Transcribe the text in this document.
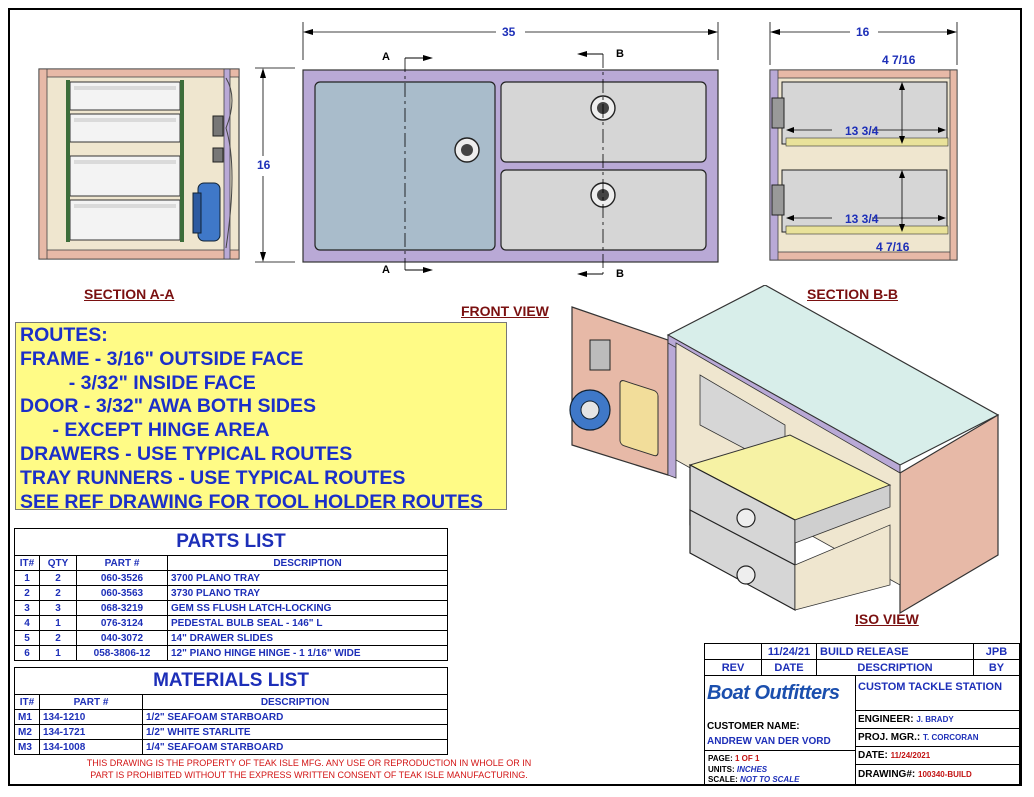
SECTION A-A
35
16
A
A
B
B
FRONT VIEW
16
4 7/16
13 3/4
13 3/4
4 7/16
SECTION B-B
ISO VIEW
ROUTES:
FRAME - 3/16" OUTSIDE FACE
- 3/32" INSIDE FACE
DOOR - 3/32" AWA BOTH SIDES
- EXCEPT HINGE AREA
DRAWERS - USE TYPICAL ROUTES
TRAY RUNNERS - USE TYPICAL ROUTES
SEE REF DRAWING FOR TOOL HOLDER ROUTES
PARTS LIST			
IT#	QTY	PART #	DESCRIPTION
1	2	060-3526	3700 PLANO TRAY
2	2	060-3563	3730 PLANO TRAY
3	3	068-3219	GEM SS FLUSH LATCH-LOCKING
4	1	076-3124	PEDESTAL BULB SEAL - 146" L
5	2	040-3072	14" DRAWER SLIDES
6	1	058-3806-12	12" PIANO HINGE HINGE - 1 1/16" WIDE
MATERIALS LIST		
IT#	PART #	DESCRIPTION
M1	134-1210	1/2" SEAFOAM STARBOARD
M2	134-1721	1/2" WHITE STARLITE
M3	134-1008	1/4" SEAFOAM STARBOARD
THIS DRAWING IS THE PROPERTY OF TEAK ISLE MFG. ANY USE OR REPRODUCTION IN WHOLE OR IN
PART IS PROHIBITED WITHOUT THE EXPRESS WRITTEN CONSENT OF TEAK ISLE MANUFACTURING.
	11/24/21	BUILD RELEASE	JPB
REV	DATE	DESCRIPTION	BY
Boat Outfitters
CUSTOMER NAME:
ANDREW VAN DER VORD
PAGE: 1 OF 1
UNITS: INCHES
SCALE: NOT TO SCALE
CUSTOM TACKLE STATION
ENGINEER: J. BRADY
PROJ. MGR.: T. CORCORAN
DATE: 11/24/2021
DRAWING#: 100340-BUILD
